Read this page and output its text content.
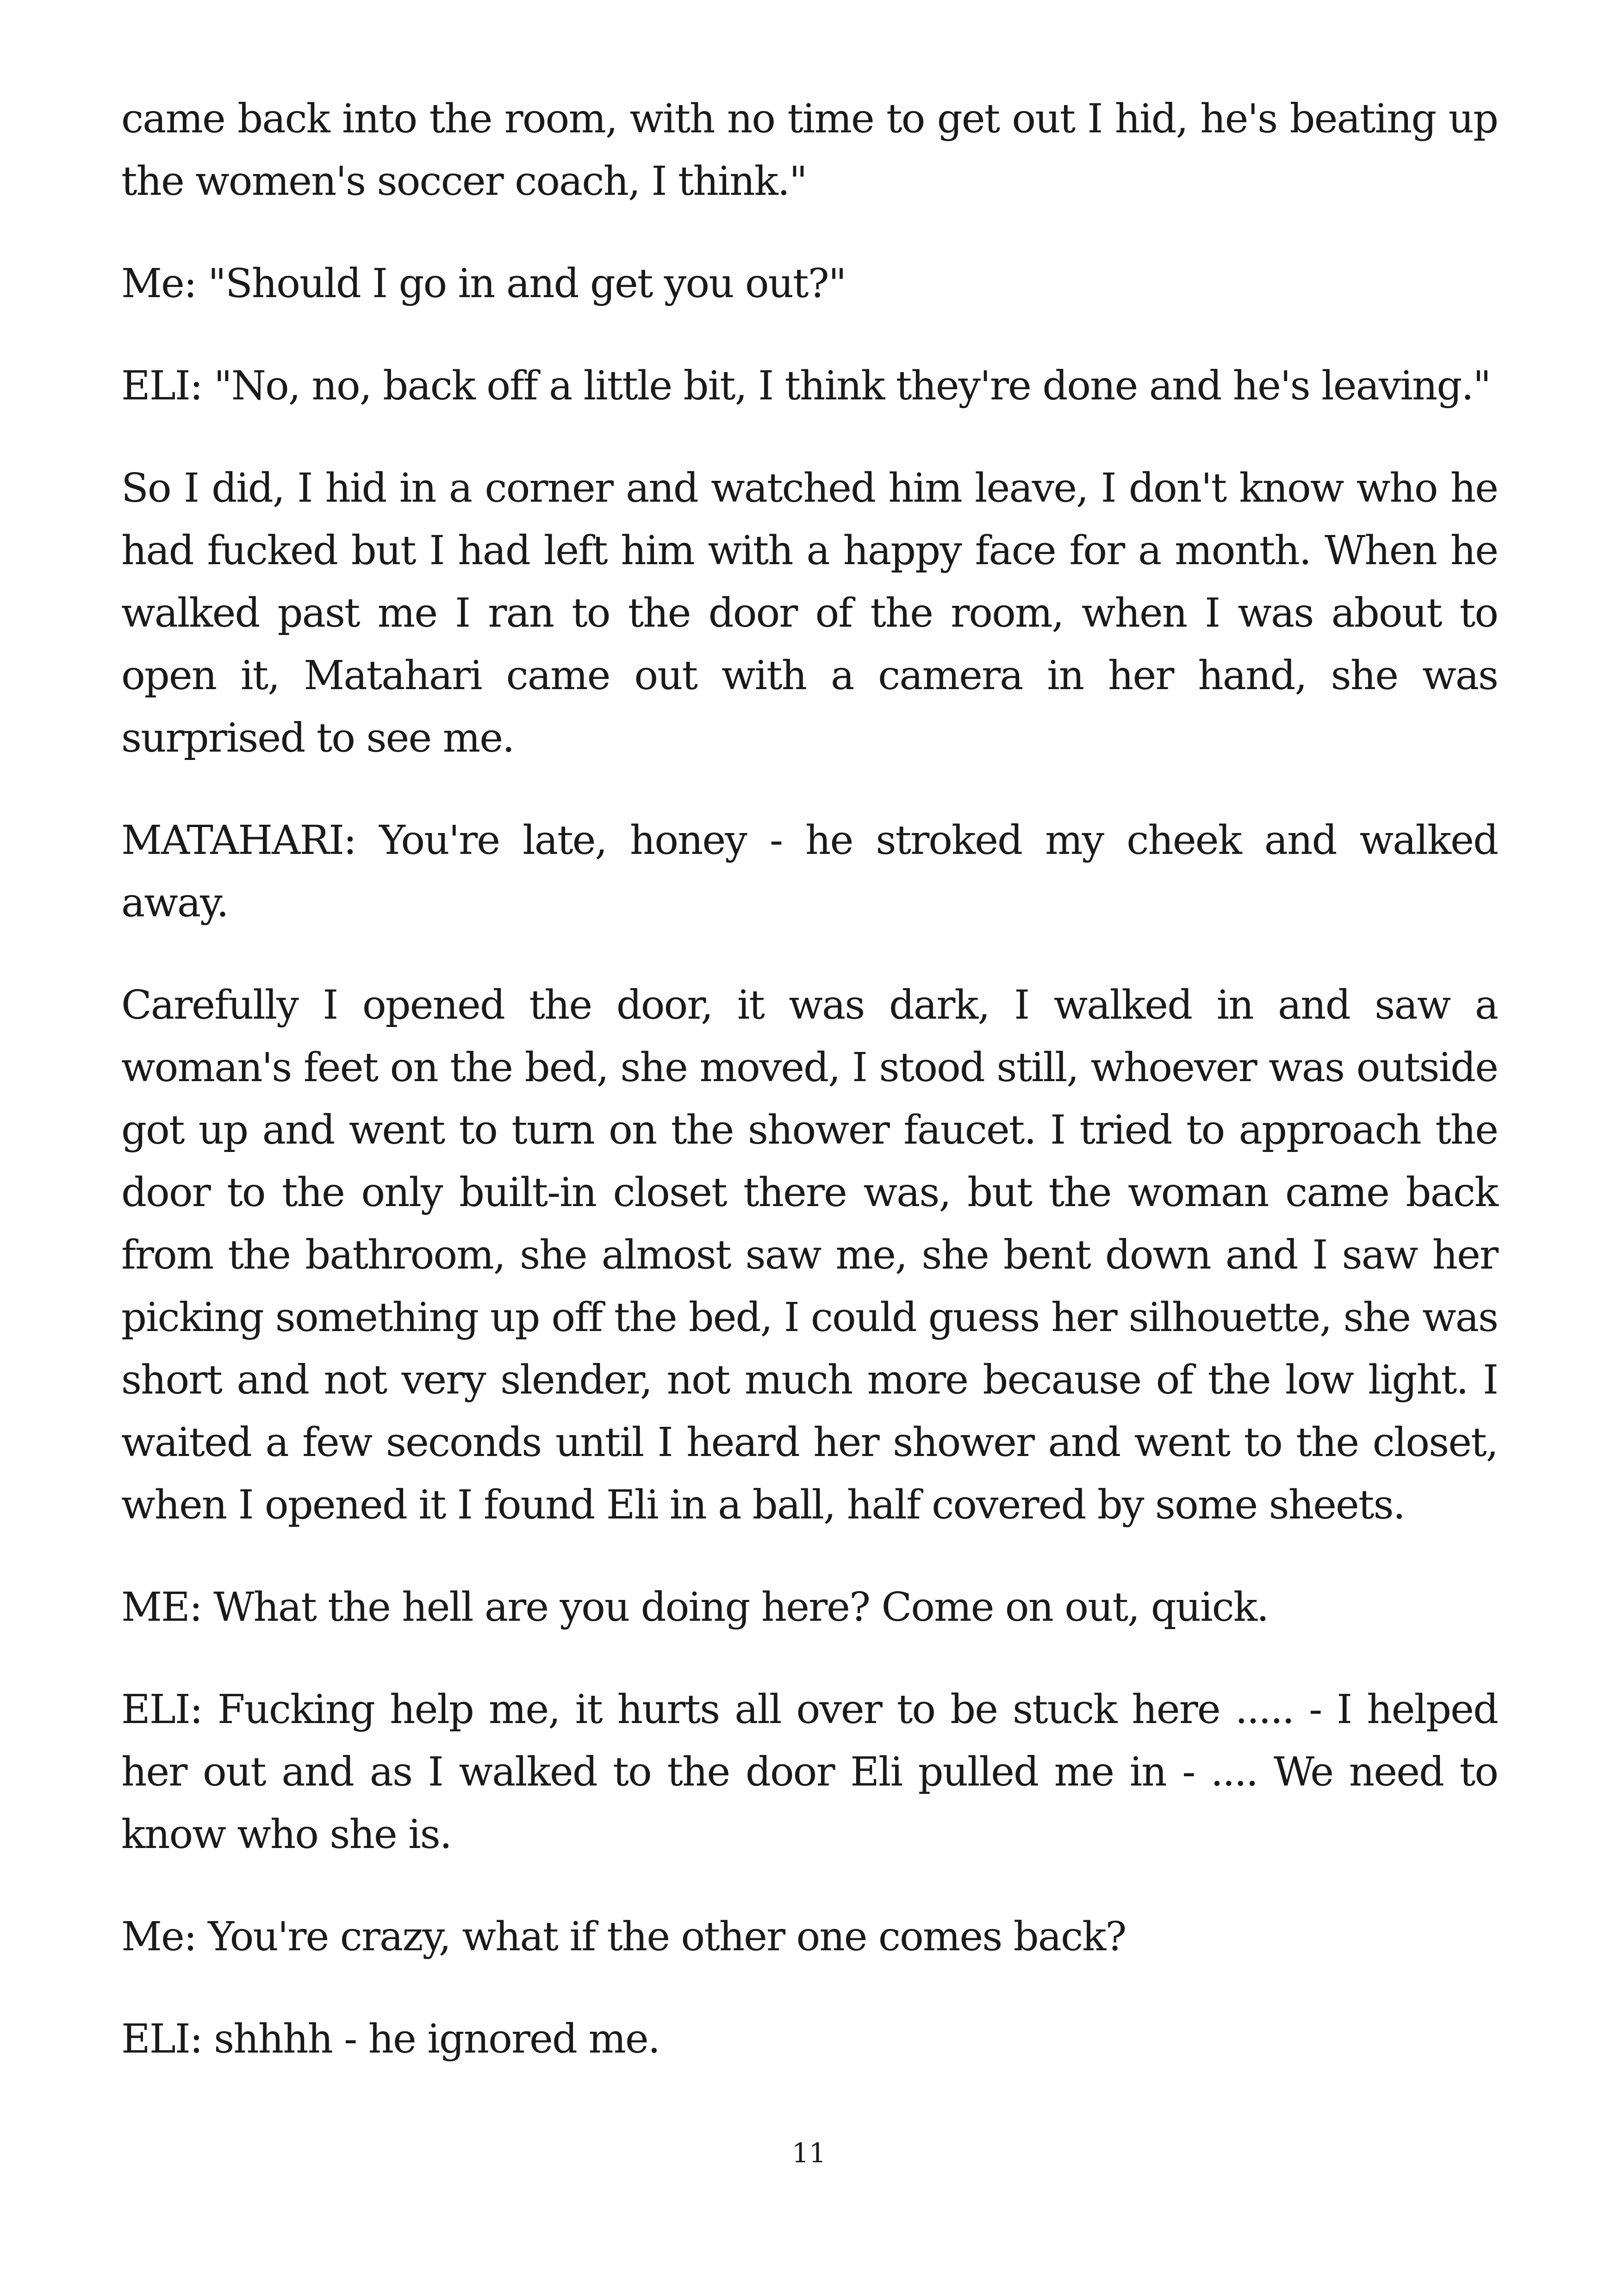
came back into the room, with no time to get out I hid, he's beating up the women's soccer coach, I think."

Me: "Should I go in and get you out?"

ELI: "No, no, back off a little bit, I think they're done and he's leaving."

So I did, I hid in a corner and watched him leave, I don't know who he had fucked but I had left him with a happy face for a month. When he walked past me I ran to the door of the room, when I was about to open it, Matahari came out with a camera in her hand, she was surprised to see me.

MATAHARI: You're late, honey - he stroked my cheek and walked away.

Carefully I opened the door, it was dark, I walked in and saw a woman's feet on the bed, she moved, I stood still, whoever was outside got up and went to turn on the shower faucet. I tried to approach the door to the only built-in closet there was, but the woman came back from the bathroom, she almost saw me, she bent down and I saw her picking something up off the bed, I could guess her silhouette, she was short and not very slender, not much more because of the low light. I waited a few seconds until I heard her shower and went to the closet, when I opened it I found Eli in a ball, half covered by some sheets.

ME: What the hell are you doing here? Come on out, quick.

ELI: Fucking help me, it hurts all over to be stuck here ..... - I helped her out and as I walked to the door Eli pulled me in - .... We need to know who she is.

Me: You're crazy, what if the other one comes back?

ELI: shhhh - he ignored me.

11
